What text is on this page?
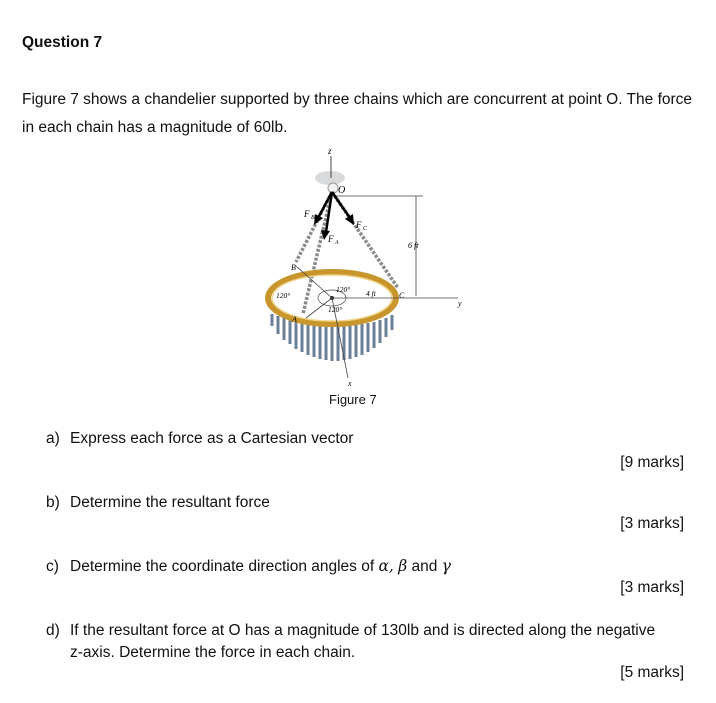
Question 7
Figure 7 shows a chandelier supported by three chains which are concurrent at point O. The force in each chain has a magnitude of 60lb.
z
O
F B
F C
F A	6 ft
y
x
B
C
A
4 ft
120°
120°
120°
Figure 7
a) Express each force as a Cartesian vector
[9 marks]
b) Determine the resultant force
[3 marks]
c) Determine the coordinate direction angles of α, β and γ
[3 marks]
d) If the resultant force at O has a magnitude of 130lb and is directed along the negative
z-axis. Determine the force in each chain.
[5 marks]
